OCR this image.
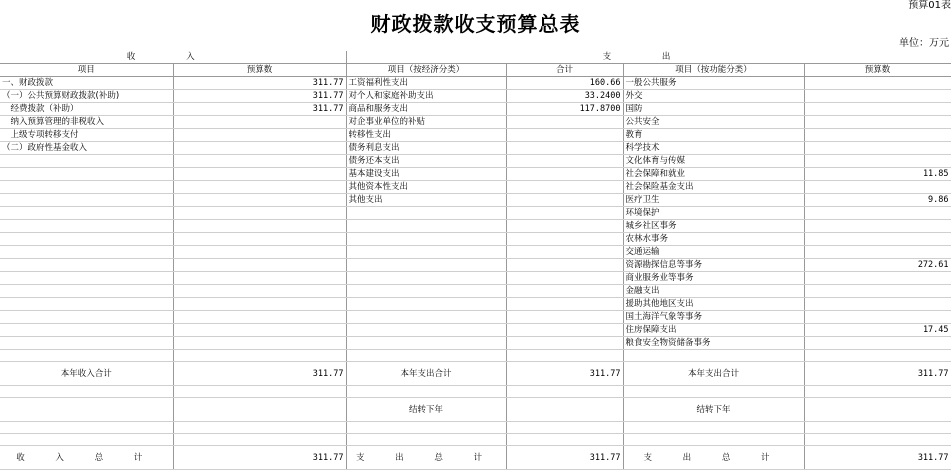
预算01表
财政拨款收支预算总表
单位：万元
收 入		支 出			
项目	预算数	项目（按经济分类）	合计	项目（按功能分类）	预算数
一、财政拨款	311.77	工资福利性支出	160.66	一般公共服务	
（一）公共预算财政拨款(补助)	311.77	对个人和家庭补助支出	33.2400	外交	
　经费拨款（补助）	311.77	商品和服务支出	117.8700	国防	
　纳入预算管理的非税收入		对企事业单位的补贴		公共安全	
　上级专项转移支付		转移性支出		教育	
（二）政府性基金收入		债务利息支出		科学技术	
		债务还本支出		文化体育与传媒	
		基本建设支出		社会保障和就业	11.85
		其他资本性支出		社会保险基金支出	
		其他支出		医疗卫生	9.86
				环境保护	
				城乡社区事务	
				农林水事务	
				交通运输	
				资源勘探信息等事务	272.61
				商业服务业等事务	
				金融支出	
				援助其他地区支出	
				国土海洋气象等事务	
				住房保障支出	17.45
				粮食安全物资储备事务	

本年收入合计	311.77	本年支出合计	311.77	本年支出合计	311.77

		结转下年		结转下年	

收 入 总 计	311.77	支 出 总 计	311.77	支 出 总 计	311.77
